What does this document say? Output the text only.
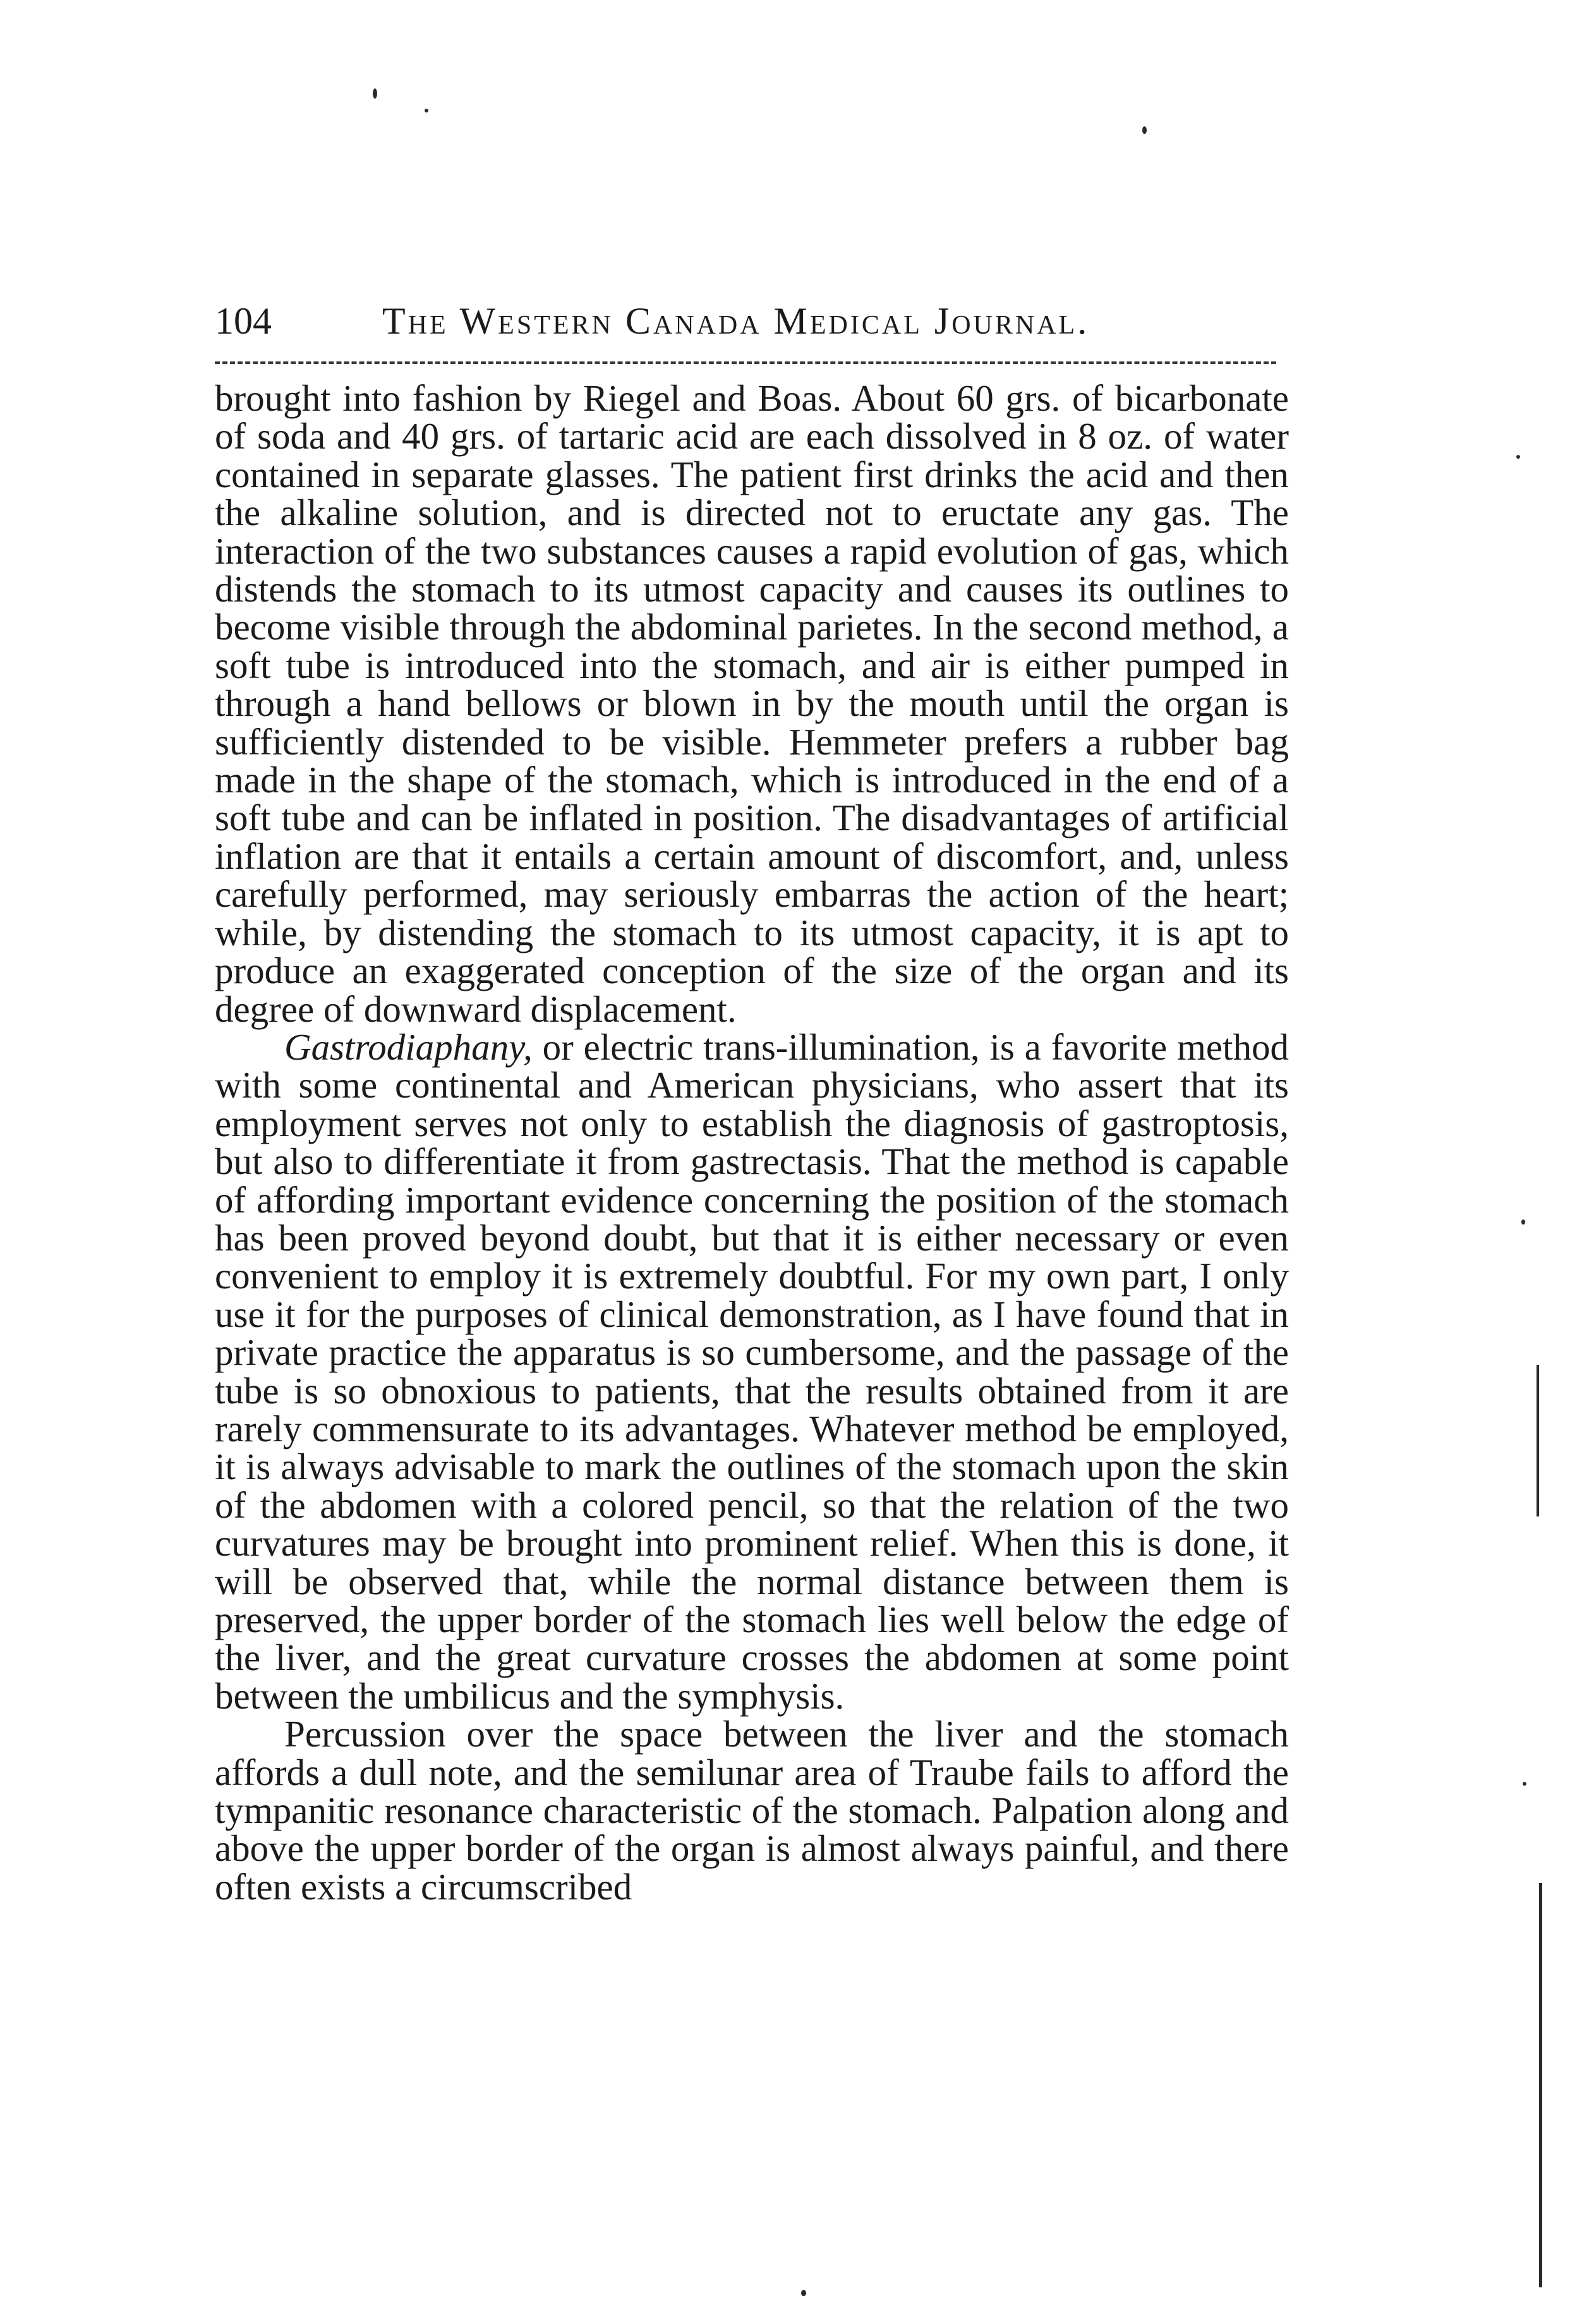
104	The Western Canada Medical Journal.

brought into fashion by Riegel and Boas. About 60 grs. of bicarbonate of soda and 40 grs. of tartaric acid are each dissolved in 8 oz. of water contained in separate glasses. The patient first drinks the acid and then the alkaline solution, and is directed not to eructate any gas. The interaction of the two substances causes a rapid evolution of gas, which distends the stomach to its utmost capacity and causes its outlines to become visible through the abdominal parietes. In the second method, a soft tube is introduced into the stomach, and air is either pumped in through a hand bellows or blown in by the mouth until the organ is sufficiently distended to be visible. Hemmeter prefers a rubber bag made in the shape of the stomach, which is introduced in the end of a soft tube and can be inflated in position. The disadvantages of artificial inflation are that it entails a certain amount of discomfort, and, unless carefully performed, may seriously embarras the action of the heart; while, by distending the stomach to its utmost capacity, it is apt to produce an exaggerated conception of the size of the organ and its degree of downward displacement.

Gastrodiaphany, or electric trans-illumination, is a favorite method with some continental and American physicians, who assert that its employment serves not only to establish the diagnosis of gastroptosis, but also to differentiate it from gastrectasis. That the method is capable of affording important evidence concerning the position of the stomach has been proved beyond doubt, but that it is either necessary or even convenient to employ it is extremely doubtful. For my own part, I only use it for the purposes of clinical demonstration, as I have found that in private practice the apparatus is so cumbersome, and the passage of the tube is so obnoxious to patients, that the results obtained from it are rarely commensurate to its advantages. Whatever method be employed, it is always advisable to mark the outlines of the stomach upon the skin of the abdomen with a colored pencil, so that the relation of the two curvatures may be brought into prominent relief. When this is done, it will be observed that, while the normal distance between them is preserved, the upper border of the stomach lies well below the edge of the liver, and the great curvature crosses the abdomen at some point between the umbilicus and the symphysis.

Percussion over the space between the liver and the stomach affords a dull note, and the semilunar area of Traube fails to afford the tympanitic resonance characteristic of the stomach. Palpation along and above the upper border of the organ is almost always painful, and there often exists a circumscribed
